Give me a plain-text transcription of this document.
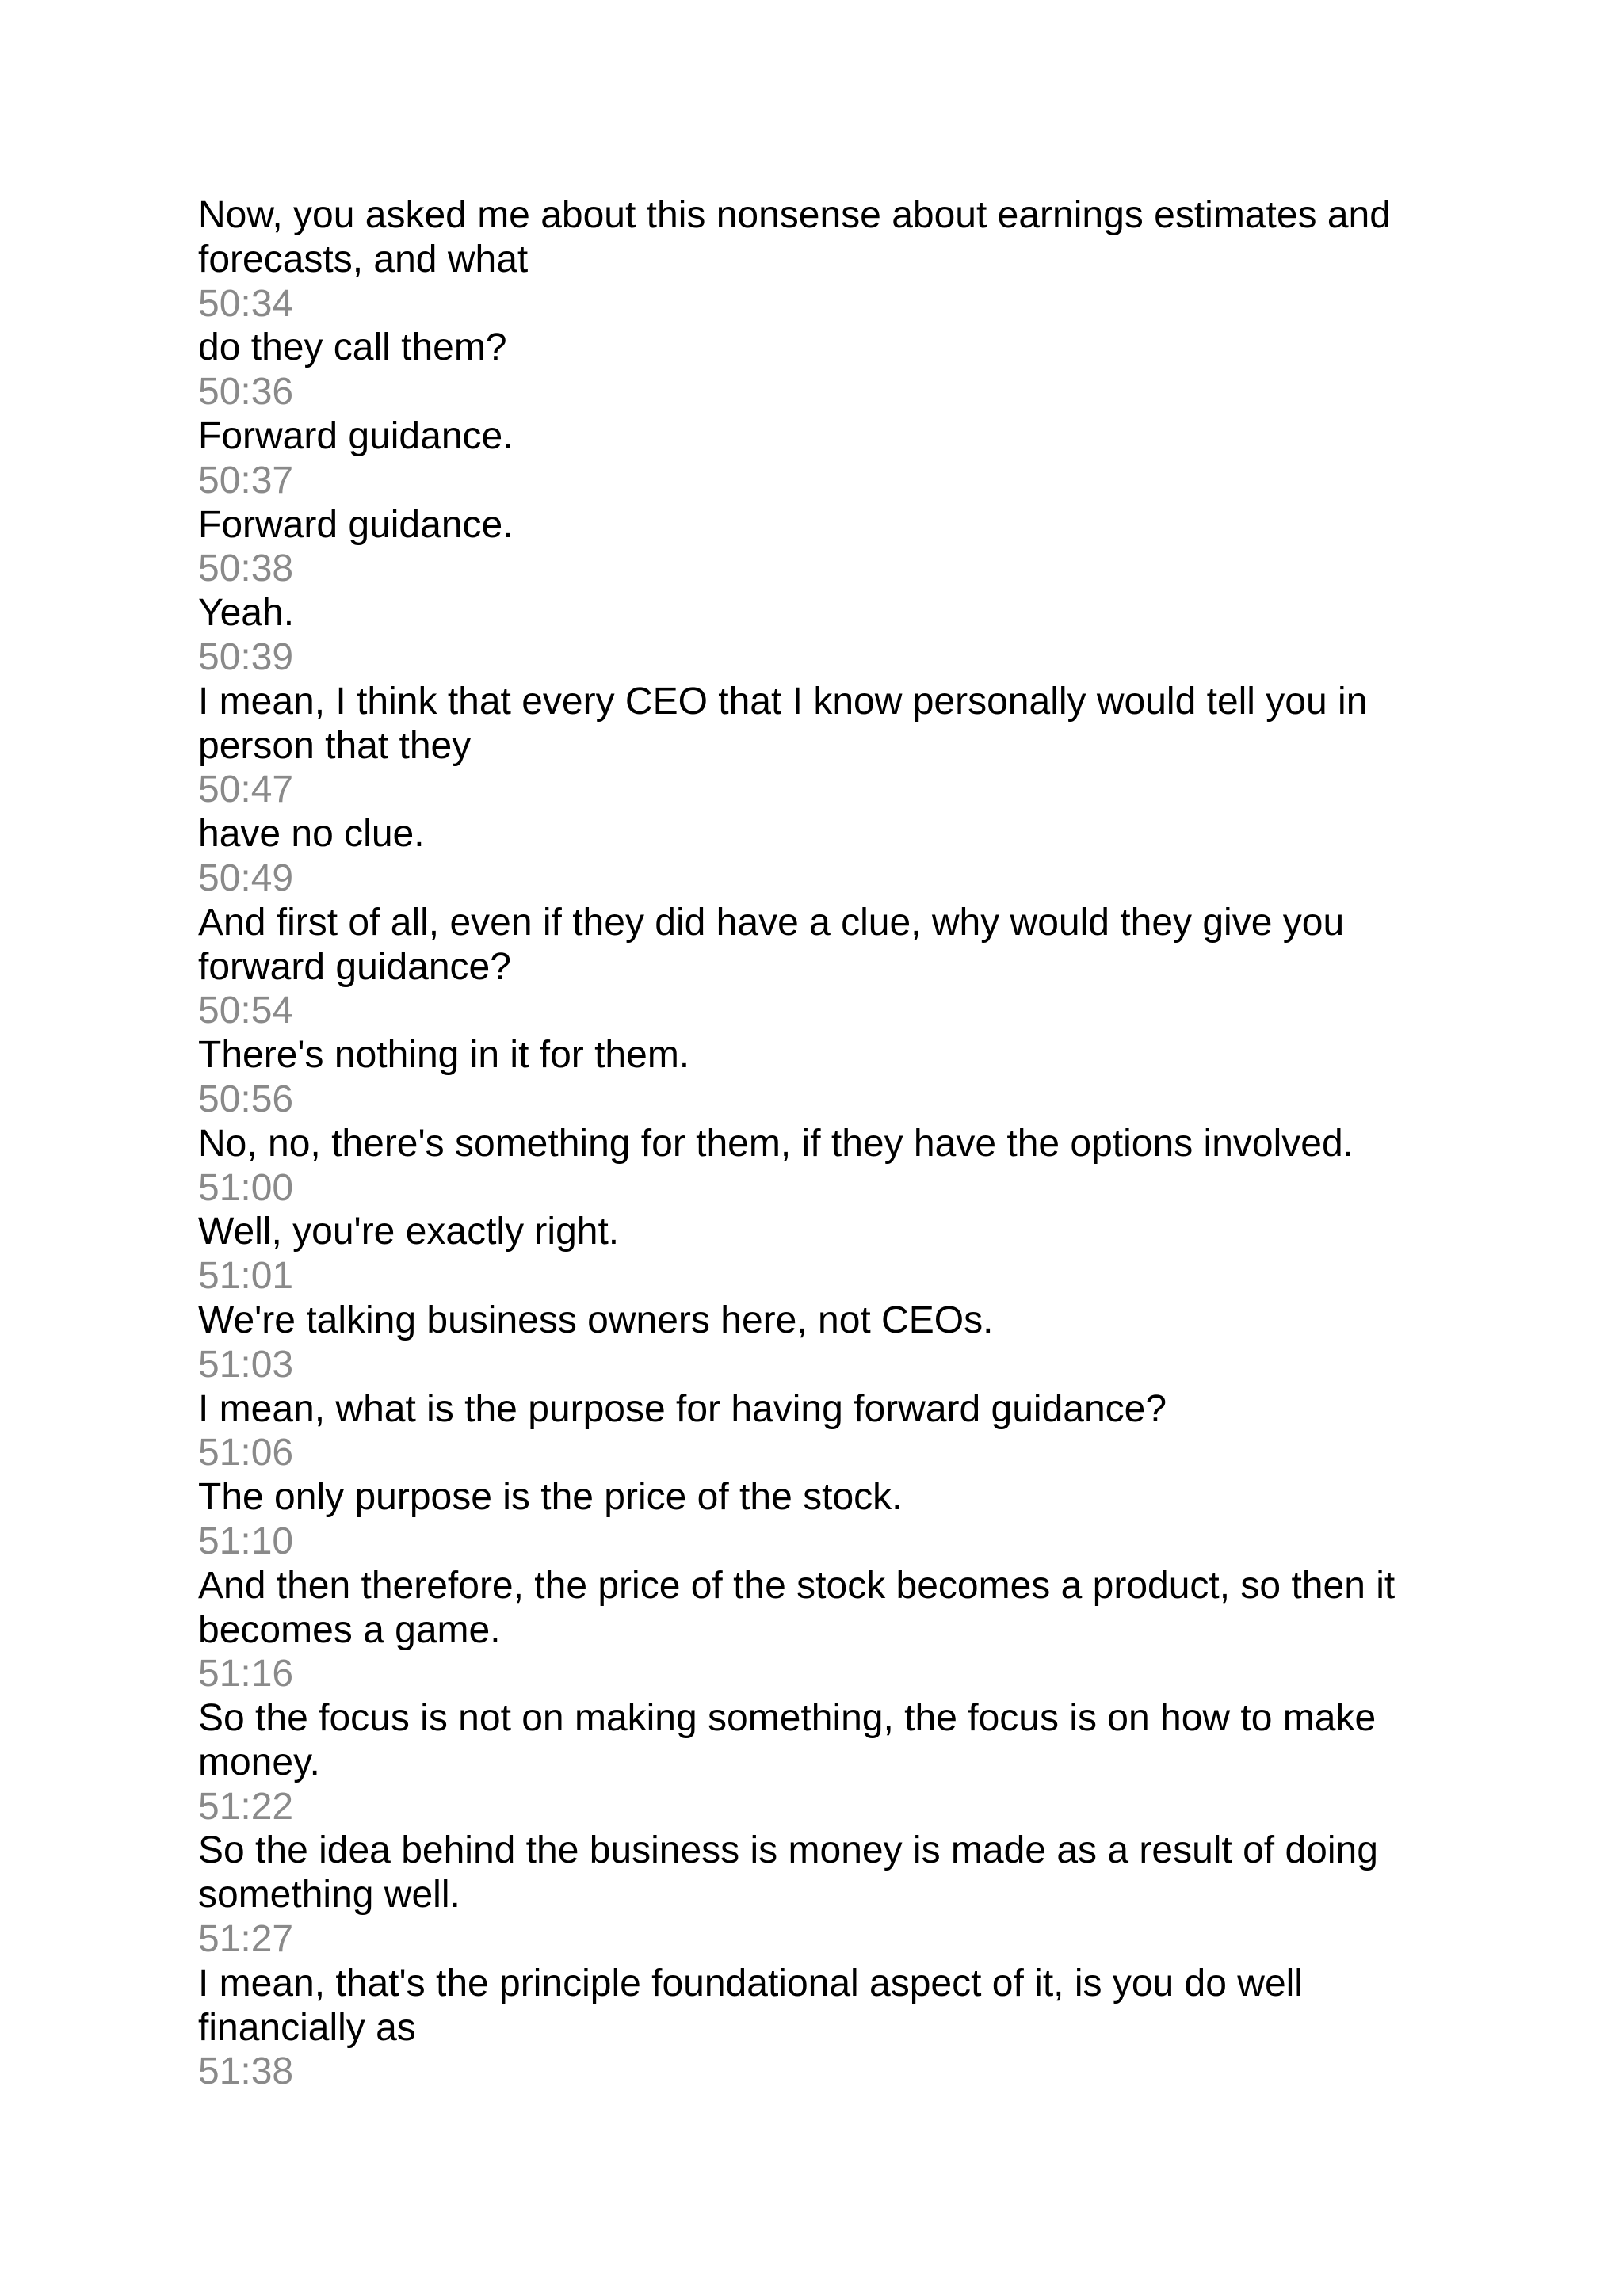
Now, you asked me about this nonsense about earnings estimates and
forecasts, and what
50:34
do they call them?
50:36
Forward guidance.
50:37
Forward guidance.
50:38
Yeah.
50:39
I mean, I think that every CEO that I know personally would tell you in
person that they
50:47
have no clue.
50:49
And first of all, even if they did have a clue, why would they give you
forward guidance?
50:54
There's nothing in it for them.
50:56
No, no, there's something for them, if they have the options involved.
51:00
Well, you're exactly right.
51:01
We're talking business owners here, not CEOs.
51:03
I mean, what is the purpose for having forward guidance?
51:06
The only purpose is the price of the stock.
51:10
And then therefore, the price of the stock becomes a product, so then it
becomes a game.
51:16
So the focus is not on making something, the focus is on how to make
money.
51:22
So the idea behind the business is money is made as a result of doing
something well.
51:27
I mean, that's the principle foundational aspect of it, is you do well
financially as
51:38
